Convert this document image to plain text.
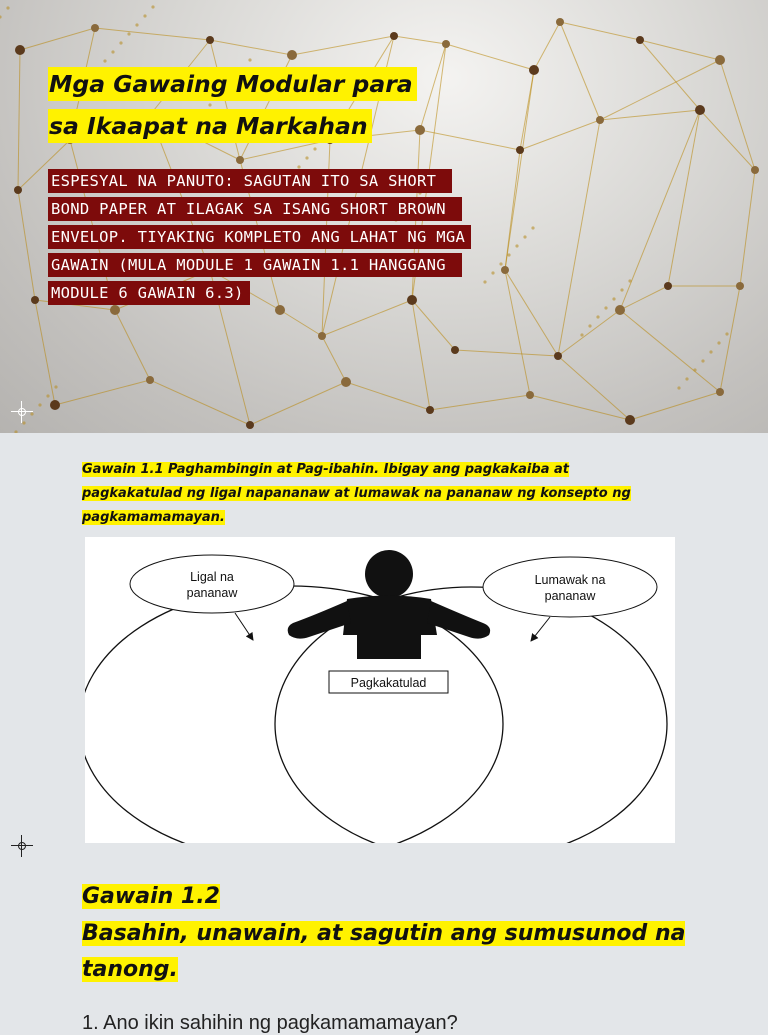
Mga Gawaing Modular para
sa Ikaapat na Markahan
ESPESYAL NA PANUTO: SAGUTAN ITO SA SHORT
BOND PAPER AT ILAGAK SA ISANG SHORT BROWN
ENVELOP. TIYAKING KOMPLETO ANG LAHAT NG MGA
GAWAIN (MULA MODULE 1 GAWAIN 1.1 HANGGANG
MODULE 6 GAWAIN 6.3)
Gawain 1.1 Paghambingin at Pag-ibahin. Ibigay ang pagkakaiba at pagkakatulad ng ligal napananaw at lumawak na pananaw ng konsepto ng pagkamamamayan.
Ligal na
pananaw
Lumawak na
pananaw
Pagkakatulad
Gawain 1.2
Basahin, unawain, at sagutin ang sumusunod na tanong.
1. Ano ikin sahihin ng pagkamamamayan?
